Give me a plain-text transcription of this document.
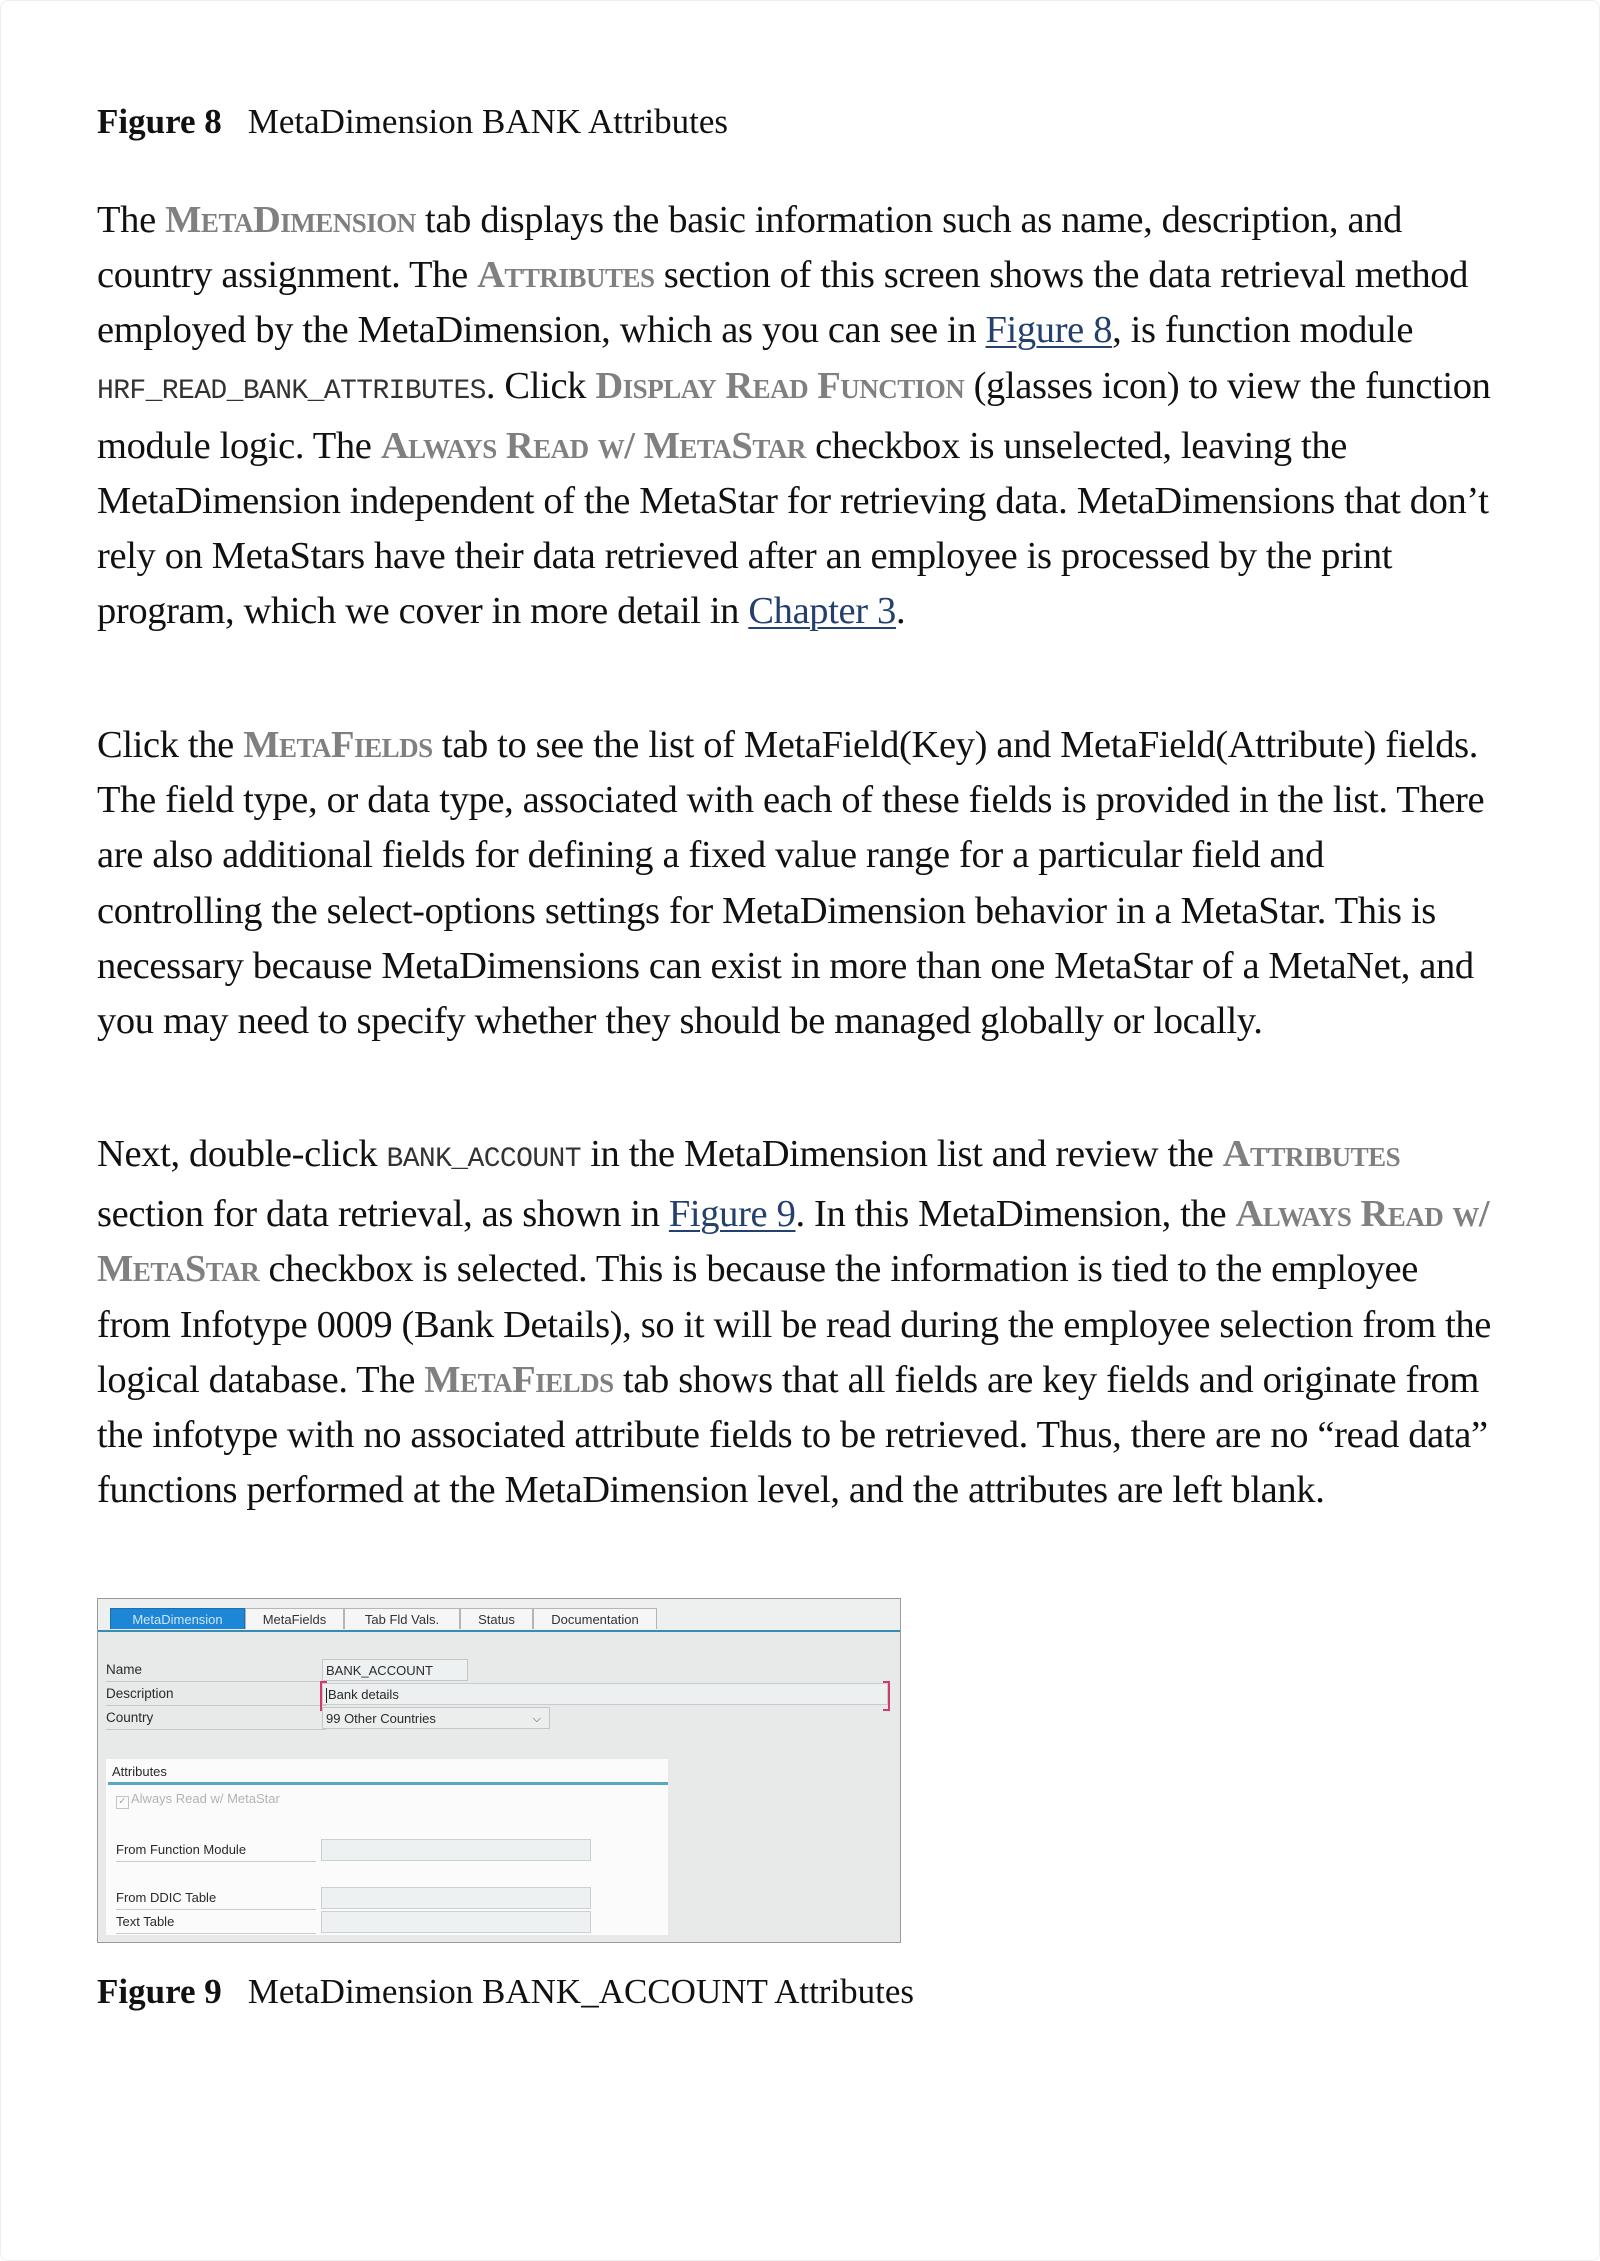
Figure 8 MetaDimension BANK Attributes

The MetaDimension tab displays the basic information such as name, description, and country assignment. The Attributes section of this screen shows the data retrieval method employed by the MetaDimension, which as you can see in Figure 8, is function module HRF_READ_BANK_ATTRIBUTES. Click Display Read Function (glasses icon) to view the function module logic. The Always Read w/ MetaStar checkbox is unselected, leaving the MetaDimension independent of the MetaStar for retrieving data. MetaDimensions that don’t rely on MetaStars have their data retrieved after an employee is processed by the print program, which we cover in more detail in Chapter 3.

Click the MetaFields tab to see the list of MetaField(Key) and MetaField(Attribute) fields. The field type, or data type, associated with each of these fields is provided in the list. There are also additional fields for defining a fixed value range for a particular field and controlling the select-options settings for MetaDimension behavior in a MetaStar. This is necessary because MetaDimensions can exist in more than one MetaStar of a MetaNet, and you may need to specify whether they should be managed globally or locally.

Next, double-click BANK_ACCOUNT in the MetaDimension list and review the Attributes section for data retrieval, as shown in Figure 9. In this MetaDimension, the Always Read w/ MetaStar checkbox is selected. This is because the information is tied to the employee from Infotype 0009 (Bank Details), so it will be read during the employee selection from the logical database. The MetaFields tab shows that all fields are key fields and originate from the infotype with no associated attribute fields to be retrieved. Thus, there are no “read data” functions performed at the MetaDimension level, and the attributes are left blank.

MetaDimension	MetaFields	Tab Fld Vals.	Status	Documentation
Name	BANK_ACCOUNT
Description	Bank details
Country	99 Other Countries	⌵
Attributes
✓ Always Read w/ MetaStar
From Function Module
From DDIC Table
Text Table
Figure 9 MetaDimension BANK_ACCOUNT Attributes
